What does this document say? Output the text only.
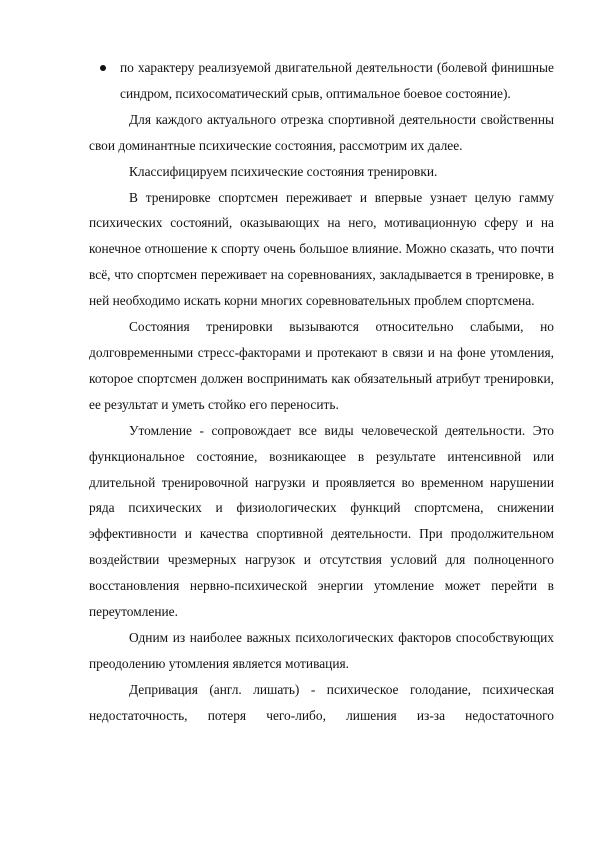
по характеру реализуемой двигательной деятельности (болевой финишные синдром, психосоматический срыв, оптимальное боевое состояние).

Для каждого актуального отрезка спортивной деятельности свойственны свои доминантные психические состояния, рассмотрим их далее.

Классифицируем психические состояния тренировки.

В тренировке спортсмен переживает и впервые узнает целую гамму психических состояний, оказывающих на него, мотивационную сферу и на конечное отношение к спорту очень большое влияние. Можно сказать, что почти всё, что спортсмен переживает на соревнованиях, закладывается в тренировке, в ней необходимо искать корни многих соревновательных проблем спортсмена.

Состояния тренировки вызываются относительно слабыми, но долговременными стресс-факторами и протекают в связи и на фоне утомления, которое спортсмен должен воспринимать как обязательный атрибут тренировки, ее результат и уметь стойко его переносить.

Утомление - сопровождает все виды человеческой деятельности. Это функциональное состояние, возникающее в результате интенсивной или длительной тренировочной нагрузки и проявляется во временном нарушении ряда психических и физиологических функций спортсмена, снижении эффективности и качества спортивной деятельности. При продолжительном воздействии чрезмерных нагрузок и отсутствия условий для полноценного восстановления нервно-психической энергии утомление может перейти в переутомление.

Одним из наиболее важных психологических факторов способствующих преодолению утомления является мотивация.

Депривация (англ. лишать) - психическое голодание, психическая недостаточность, потеря чего-либо, лишения из-за недостаточного
